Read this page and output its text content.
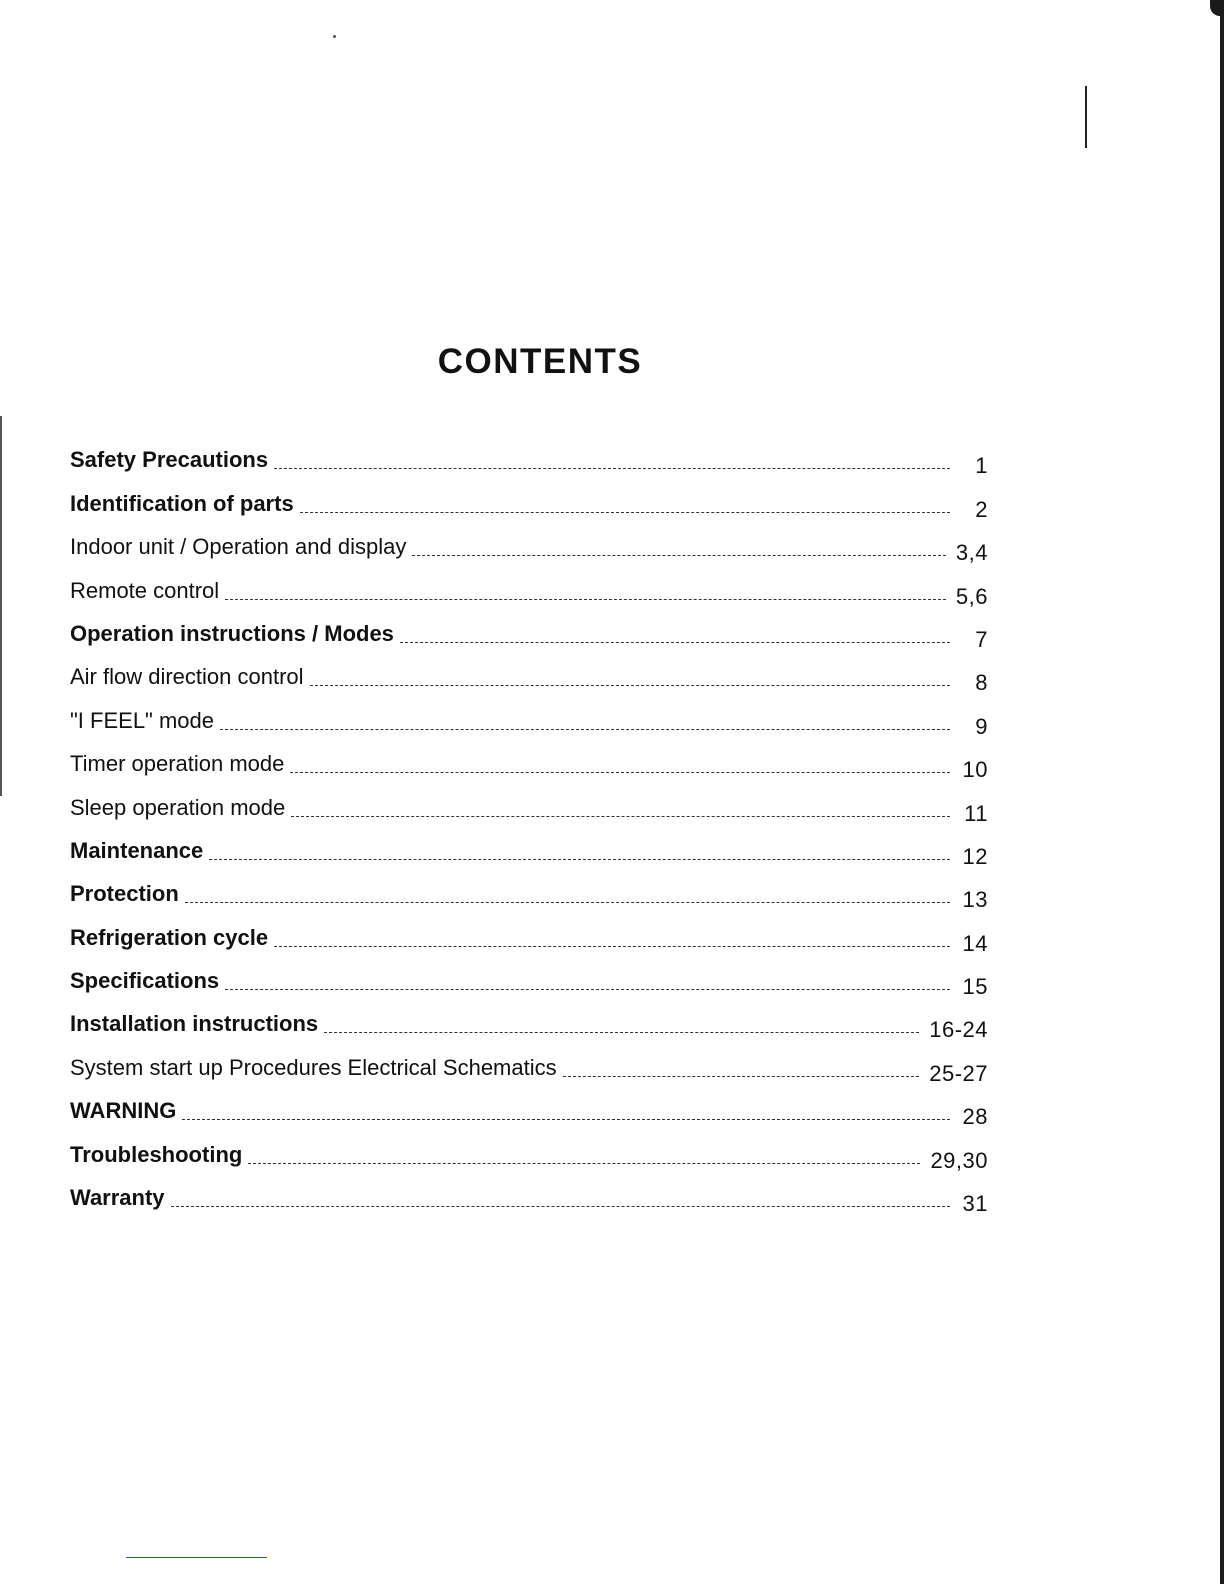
CONTENTS
Safety Precautions	1
Identification of parts	2
Indoor unit / Operation and display	3,4
Remote control	5,6
Operation instructions / Modes	7
Air flow direction control	8
"I FEEL" mode	9
Timer operation mode	10
Sleep operation mode	11
Maintenance	12
Protection	13
Refrigeration cycle	14
Specifications	15
Installation instructions	16-24
System start up Procedures Electrical Schematics	25-27
WARNING	28
Troubleshooting	29,30
Warranty	31
